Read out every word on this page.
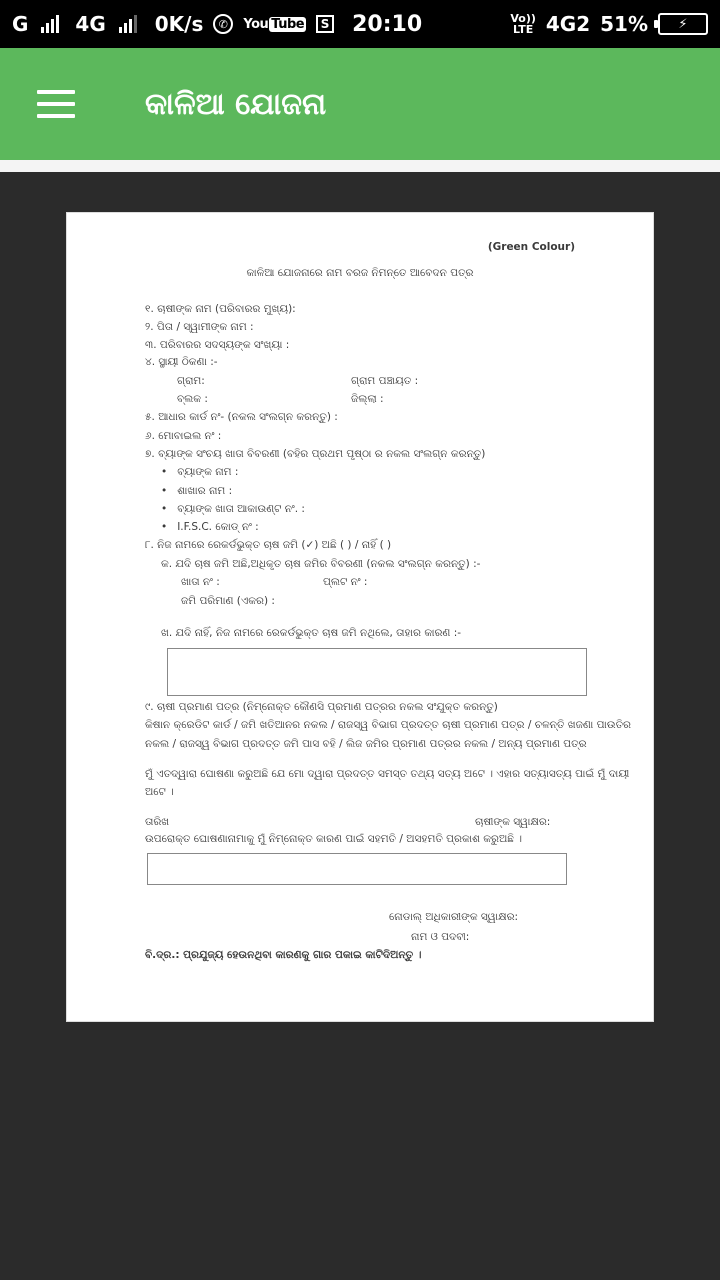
G 4G 0K/s	✆	You Tube	S 20:10	Vo))
LTE 4G2 51%	⚡
କାଳିଆ ଯୋଜନା
(Green Colour)
କାଳିଆ ଯୋଜନାରେ ନାମ ବରଜ ନିମନ୍ତେ ଆବେଦନ ପତ୍ର
୧. ଚାଷୀଙ୍କ ନାମ (ପରିବାରର ମୁଖ୍ୟ):
୨. ପିତା / ସ୍ୱାମୀଙ୍କ ନାମ :
୩. ପରିବାରର ସଦସ୍ୟଙ୍କ ସଂଖ୍ୟା :
୪. ସ୍ଥାୟୀ ଠିକଣା :-
ଗ୍ରାମ:	ଗ୍ରାମ ପଞ୍ଚାୟତ :
ବ୍ଲକ :	ଜିଲ୍ଲା :
୫. ଆଧାର କାର୍ଡ ନଂ- (ନକଲ ସଂଲଗ୍ନ କରନ୍ତୁ) :
୬. ମୋବାଇଲ ନଂ :
୭. ବ୍ୟାଙ୍କ ସଂଚୟ ଖାତା ବିବରଣୀ (ବହିର ପ୍ରଥମ ପୃଷ୍ଠା ର ନକଲ ସଂଲଗ୍ନ କରନ୍ତୁ)
• ବ୍ୟାଙ୍କ ନାମ :
• ଶାଖାର ନାମ :
• ବ୍ୟାଙ୍କ ଖାତା ଆକାଉଣ୍ଟ ନଂ. :
• I.F.S.C. କୋଡ୍ ନଂ :
୮. ନିଜ ନାମରେ ରେକର୍ଡଭୁକ୍ତ ଚାଷ ଜମି (✓) ଅଛି ( ) / ନାହିଁ ( )
କ. ଯଦି ଚାଷ ଜମି ଅଛି,ଅଧିକୃତ ଚାଷ ଜମିର ବିବରଣୀ (ନକଲ ସଂଲଗ୍ନ କରନ୍ତୁ) :-
ଖାତା ନଂ :	ପ୍ଲଟ ନଂ :
ଜମି ପରିମାଣ (ଏକର) :
ଖ. ଯଦି ନାହିଁ, ନିଜ ନାମରେ ରେକର୍ଡଭୁକ୍ତ ଚାଷ ଜମି ନଥିଲେ, ତାହାର କାରଣ :-
୯. ଚାଷୀ ପ୍ରମାଣ ପତ୍ର (ନିମ୍ନୋକ୍ତ କୌଣସି ପ୍ରମାଣ ପତ୍ରର ନକଲ ସଂଯୁକ୍ତ କରନ୍ତୁ)
କିଷାନ କ୍ରେଡିଟ କାର୍ଡ / ଜମି ଖତିଆନର ନକଲ / ରାଜସ୍ୱ ବିଭାଗ ପ୍ରଦତ୍ତ ଚାଷୀ ପ୍ରମାଣ ପତ୍ର / ଚଳନ୍ତି ଖଜଣା ପାଉତିର
ନକଲ / ରାଜସ୍ୱ ବିଭାଗ ପ୍ରଦତ୍ତ ଜମି ପାସ ବହି / ଲିଜ ଜମିର ପ୍ରମାଣ ପତ୍ରର ନକଲ / ଅନ୍ୟ ପ୍ରମାଣ ପତ୍ର
ମୁଁ ଏତଦ୍ୱାରା ଘୋଷଣା କରୁଅଛି ଯେ ମୋ ଦ୍ୱାରା ପ୍ରଦତ୍ତ ସମସ୍ତ ତଥ୍ୟ ସତ୍ୟ ଅଟେ । ଏହାର ସତ୍ୟାସତ୍ୟ ପାଇଁ ମୁଁ ଦାୟୀ
ଅଟେ ।
ତାରିଖ	ଚାଷୀଙ୍କ ସ୍ୱାକ୍ଷର:
ଉପରୋକ୍ତ ଘୋଷଣାନାମାକୁ ମୁଁ ନିମ୍ନୋକ୍ତ କାରଣ ପାଇଁ ସହମତି / ଅସହମତି ପ୍ରକାଶ କରୁଅଛି ।
ନୋଡାଲ୍ ଅଧିକାରୀଙ୍କ ସ୍ୱାକ୍ଷର:
ନାମ ଓ ପଦବୀ:
ବି.ଦ୍ର.: ପ୍ରଯୁଜ୍ୟ ହେଉନଥିବା କାରଣକୁ ଗାର ପକାଇ କାଟିଦିଅନ୍ତୁ ।
